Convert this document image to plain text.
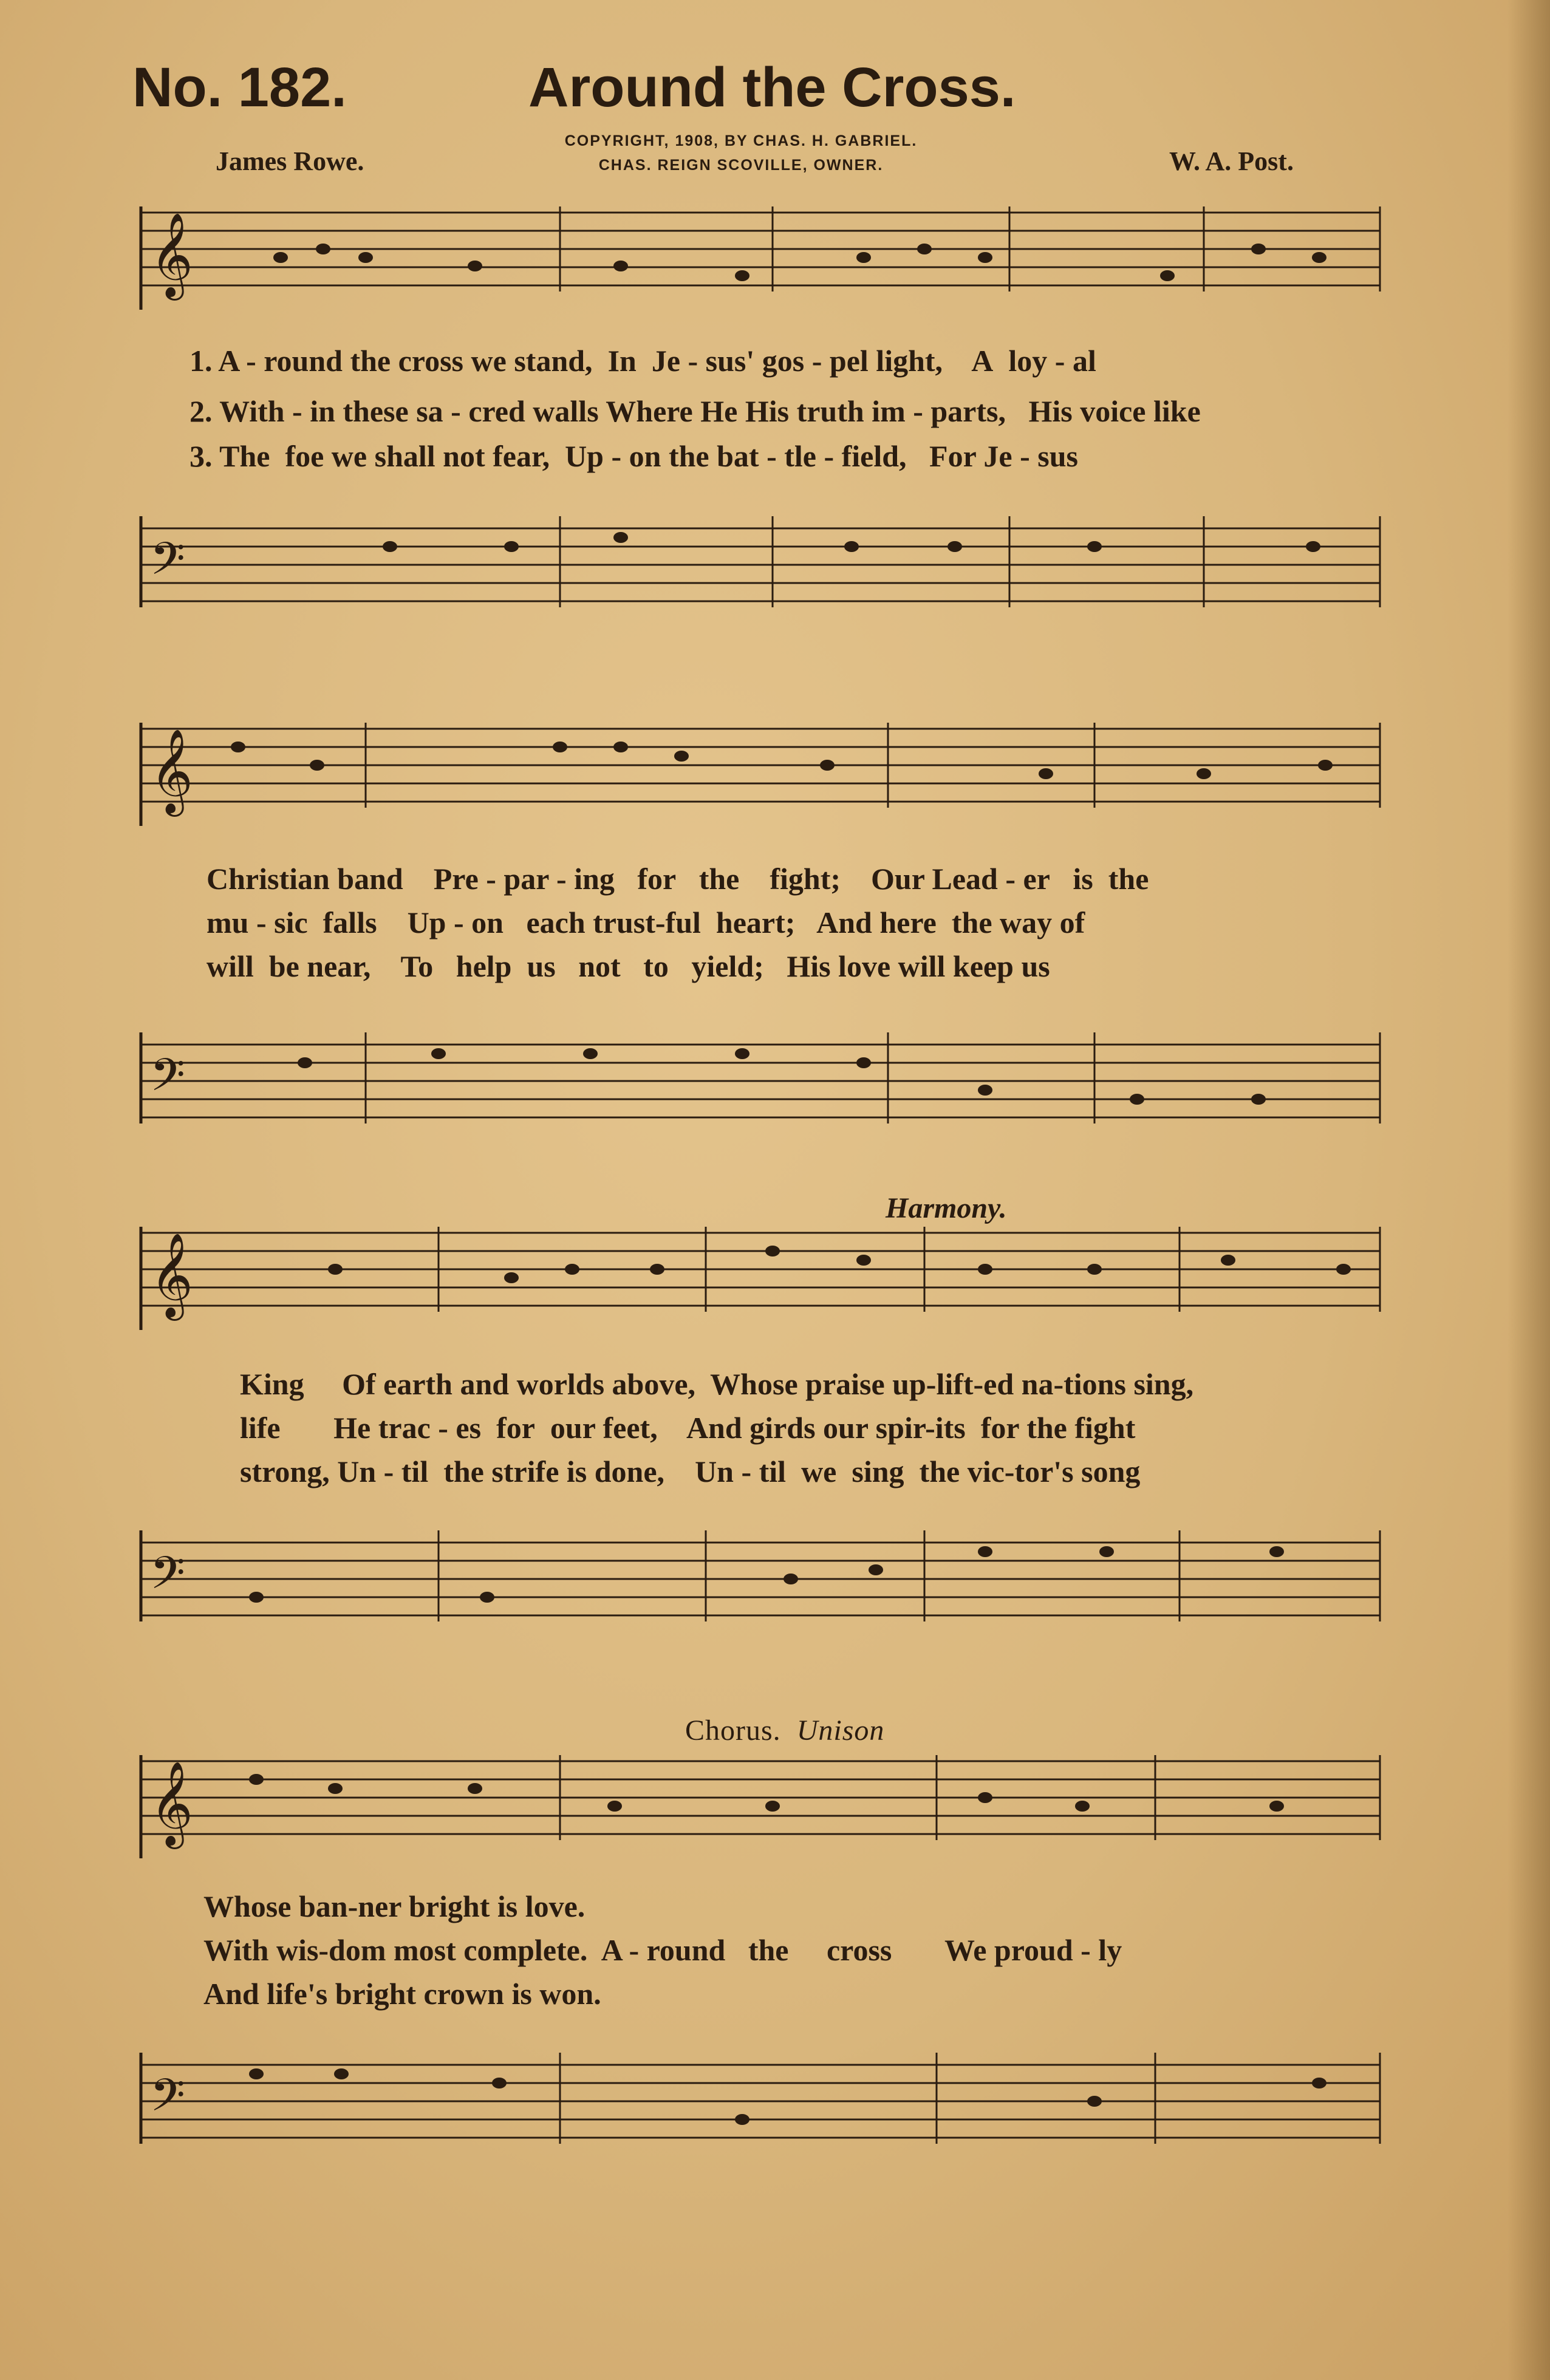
No. 182.	Around the Cross.
COPYRIGHT, 1908, BY CHAS. H. GABRIEL.
CHAS. REIGN SCOVILLE, OWNER.
James Rowe.	W. A. Post.
𝄞
1. A - round the cross we stand, In Je - sus' gos - pel light, A loy - al
2. With - in these sa - cred walls Where He His truth im - parts, His voice like
3. The foe we shall not fear, Up - on the bat - tle - field, For Je - sus
𝄢
𝄞
Christian band Pre - par - ing for the fight; Our Lead - er is the
mu - sic falls Up - on each trust-ful heart; And here the way of
will be near, To help us not to yield; His love will keep us
𝄢
Harmony.
𝄞
King Of earth and worlds above, Whose praise up-lift-ed na-tions sing,
life He trac - es for our feet, And girds our spir-its for the fight
strong, Un - til the strife is done, Un - til we sing the vic-tor's song
𝄢
Chorus. Unison
𝄞
Whose ban-ner bright is love.
With wis-dom most complete. A - round the cross We proud - ly
And life's bright crown is won.
𝄢
